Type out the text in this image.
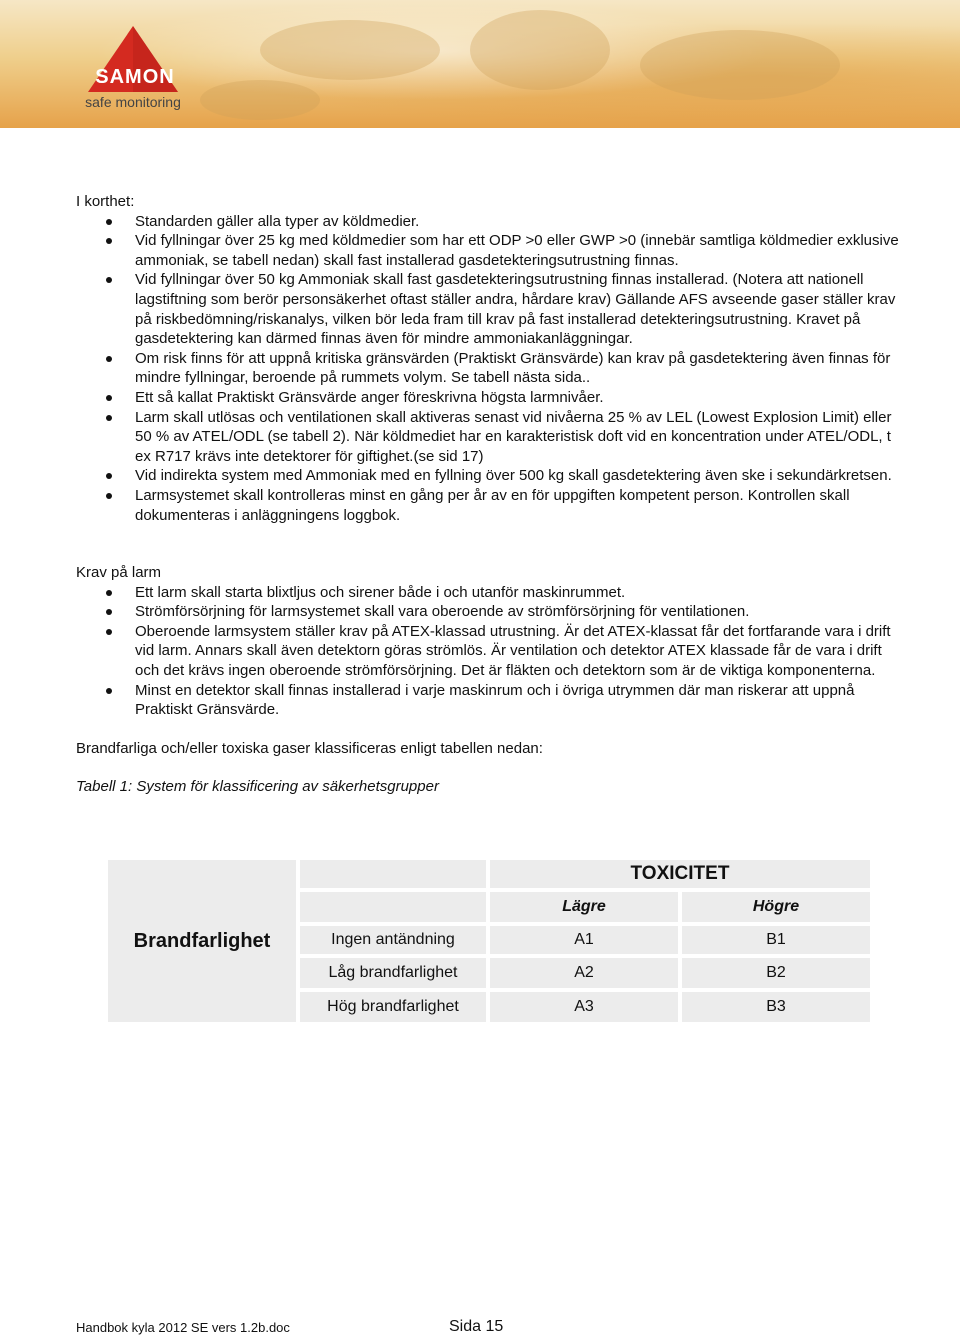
SAMON
safe monitoring
I korthet:
Standarden gäller alla typer av köldmedier.
Vid fyllningar över 25 kg med köldmedier som har ett ODP >0 eller GWP >0 (innebär samtliga köldmedier exklusive ammoniak, se tabell nedan) skall fast installerad gasdetekteringsutrustning finnas.
Vid fyllningar över 50 kg Ammoniak skall fast gasdetekteringsutrustning finnas installerad. (Notera att nationell lagstiftning som berör personsäkerhet oftast ställer andra, hårdare krav) Gällande AFS avseende gaser ställer krav på riskbedömning/riskanalys, vilken bör leda fram till krav på fast installerad detekteringsutrustning. Kravet på gasdetektering kan därmed finnas även för mindre ammoniakanläggningar.
Om risk finns för att uppnå kritiska gränsvärden (Praktiskt Gränsvärde) kan krav på gasdetektering även finnas för mindre fyllningar, beroende på rummets volym. Se tabell nästa sida..
Ett så kallat Praktiskt Gränsvärde anger föreskrivna högsta larmnivåer.
Larm skall utlösas och ventilationen skall aktiveras senast vid nivåerna 25 % av LEL (Lowest Explosion Limit) eller 50 % av ATEL/ODL (se tabell 2). När köldmediet har en karakteristisk doft vid en koncentration under ATEL/ODL, t ex R717 krävs inte detektorer för giftighet.(se sid 17)
Vid indirekta system med Ammoniak med en fyllning över 500 kg skall gasdetektering även ske i sekundärkretsen.
Larmsystemet skall kontrolleras minst en gång per år av en för uppgiften kompetent person. Kontrollen skall dokumenteras i anläggningens loggbok.
Krav på larm
Ett larm skall starta blixtljus och sirener både i och utanför maskinrummet.
Strömförsörjning för larmsystemet skall vara oberoende av strömförsörjning för ventilationen.
Oberoende larmsystem ställer krav på ATEX-klassad utrustning. Är det ATEX-klassat får det fortfarande vara i drift vid larm. Annars skall även detektorn göras strömlös. Är ventilation och detektor ATEX klassade får de vara i drift och det krävs ingen oberoende strömförsörjning. Det är fläkten och detektorn som är de viktiga komponenterna.
Minst en detektor skall finnas installerad i varje maskinrum och i övriga utrymmen där man riskerar att uppnå Praktiskt Gränsvärde.
Brandfarliga och/eller toxiska gaser klassificeras enligt tabellen nedan:
Tabell 1: System för klassificering av säkerhetsgrupper
Brandfarlighet
TOXICITET
Lägre	Högre
Ingen antändning	A1	B1
Låg brandfarlighet	A2	B2
Hög brandfarlighet	A3	B3
Handbok kyla 2012 SE vers 1.2b.doc	Sida 15
